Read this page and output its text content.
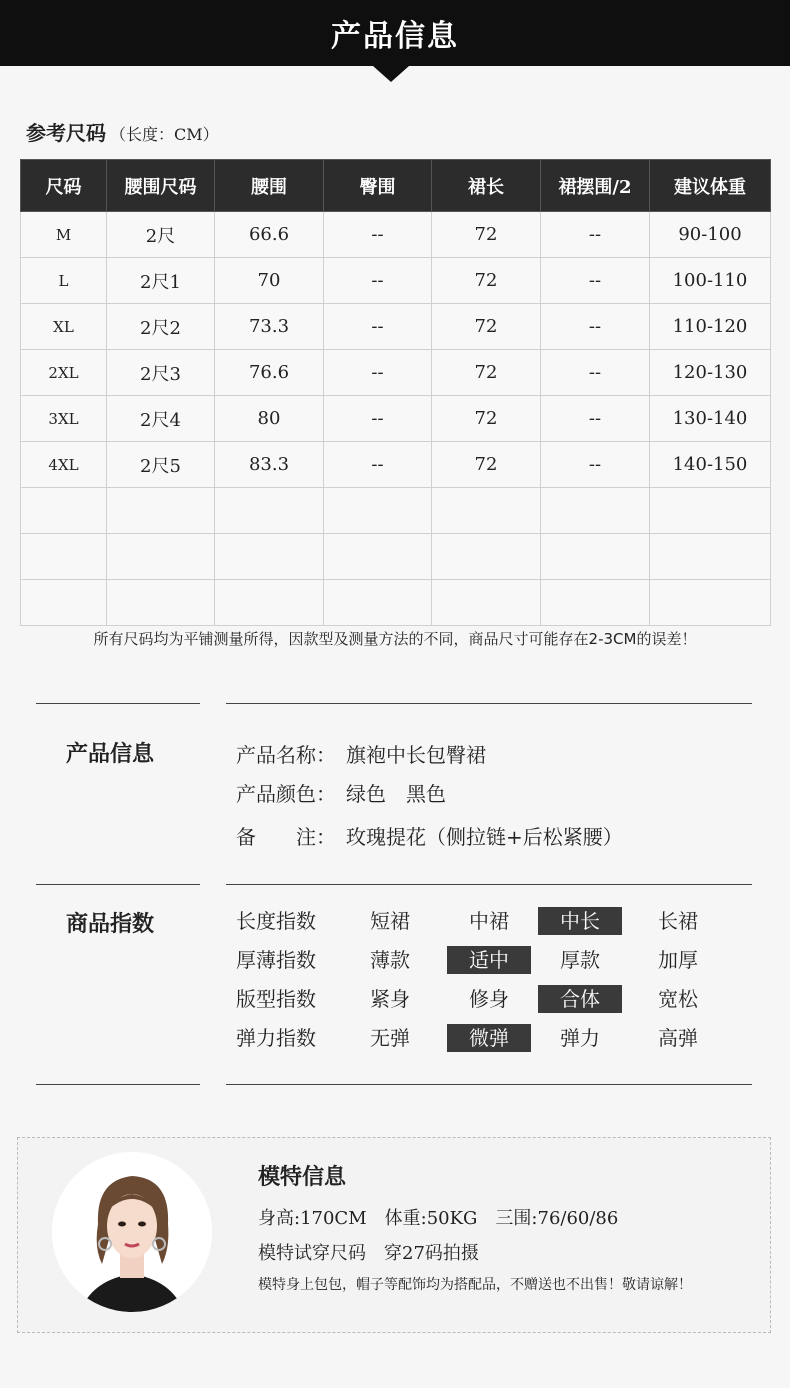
产品信息
参考尺码 （长度：CM）
尺码	腰围尺码	腰围	臀围	裙长	裙摆围/2	建议体重
M	2尺	66.6	--	72	--	90-100
L	2尺1	70	--	72	--	100-110
XL	2尺2	73.3	--	72	--	110-120
2XL	2尺3	76.6	--	72	--	120-130
3XL	2尺4	80	--	72	--	130-140
4XL	2尺5	83.3	--	72	--	140-150

所有尺码均为平铺测量所得，因款型及测量方法的不同，商品尺寸可能存在2-3CM的误差！
产品信息	产品名称： 旗袍中长包臀裙
产品颜色： 绿色　黑色
备　　注： 玫瑰提花（侧拉链+后松紧腰）
商品指数	长度指数	短裙	中裙	中长	长裙
厚薄指数	薄款	适中	厚款	加厚
版型指数	紧身	修身	合体	宽松
弹力指数	无弹	微弹	弹力	高弹
模特信息
身高:170CM 体重:50KG 三围:76/60/86
模特试穿尺码 穿27码拍摄
模特身上包包，帽子等配饰均为搭配品，不赠送也不出售！敬请谅解！
